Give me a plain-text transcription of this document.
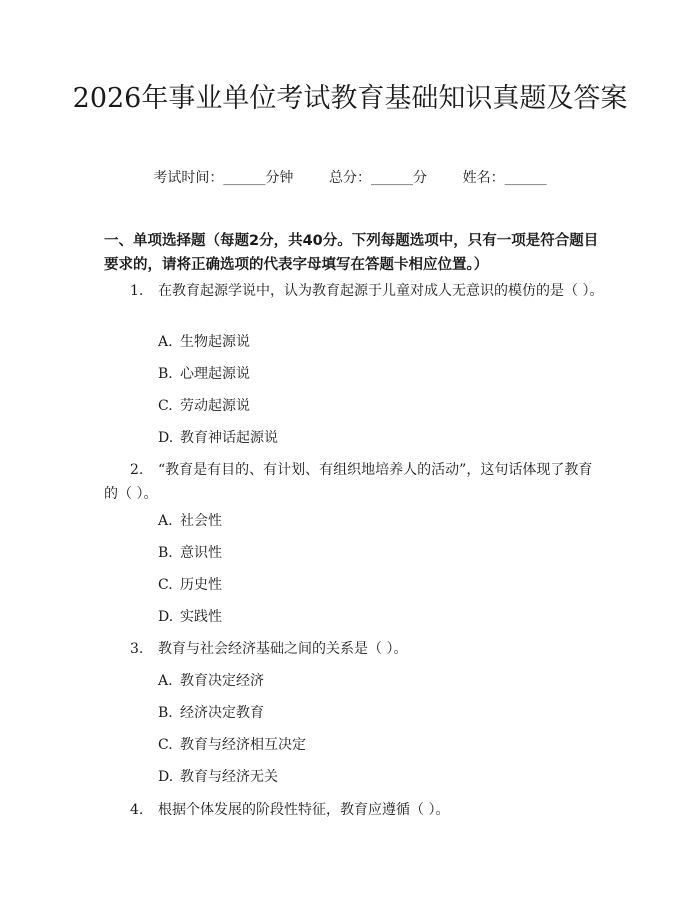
2026年事业单位考试教育基础知识真题及答案
考试时间：______分钟	总分：______分	姓名：______

一、单项选择题（每题2分，共40分。下列每题选项中，只有一项是符合题目要求的，请将正确选项的代表字母填写在答题卡相应位置。）

1. 在教育起源学说中，认为教育起源于儿童对成人无意识的模仿的是（ ）。
A. 生物起源说
B. 心理起源说
C. 劳动起源说
D. 教育神话起源说
2. “教育是有目的、有计划、有组织地培养人的活动”，这句话体现了教育的（ ）。
A. 社会性
B. 意识性
C. 历史性
D. 实践性
3. 教育与社会经济基础之间的关系是（ ）。
A. 教育决定经济
B. 经济决定教育
C. 教育与经济相互决定
D. 教育与经济无关
4. 根据个体发展的阶段性特征，教育应遵循（ ）。
